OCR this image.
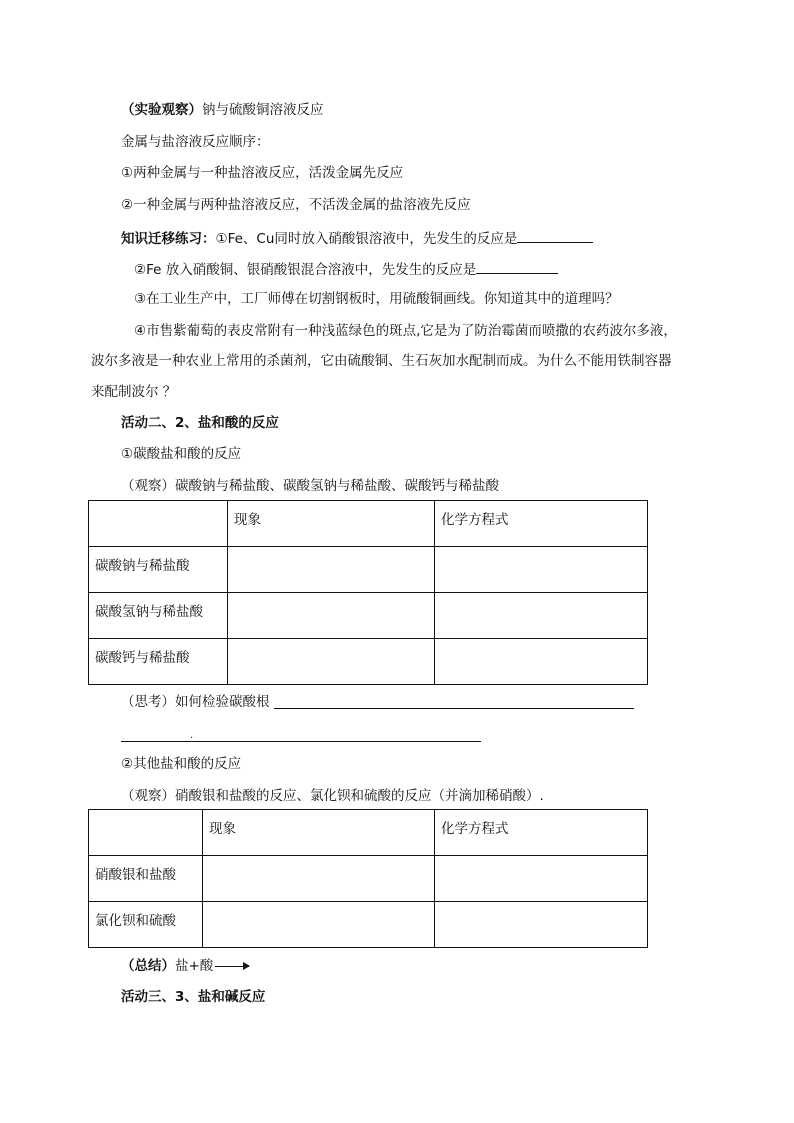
（实验观察）钠与硫酸铜溶液反应
金属与盐溶液反应顺序：
①两种金属与一种盐溶液反应，活泼金属先反应
②一种金属与两种盐溶液反应，不活泼金属的盐溶液先反应
知识迁移练习：①Fe、Cu同时放入硝酸银溶液中，先发生的反应是
②Fe 放入硝酸铜、银硝酸银混合溶液中，先发生的反应是
③在工业生产中，工厂师傅在切割钢板时，用硫酸铜画线。你知道其中的道理吗？
④市售紫葡萄的表皮常附有一种浅蓝绿色的斑点,它是为了防治霉菌而喷撒的农药波尔多液，
波尔多液是一种农业上常用的杀菌剂，它由硫酸铜、生石灰加水配制而成。为什么不能用铁制容器
来配制波尔 ？
活动二、2、盐和酸的反应
①碳酸盐和酸的反应
（观察）碳酸钠与稀盐酸、碳酸氢钠与稀盐酸、碳酸钙与稀盐酸

	现象	化学方程式

碳酸钠与稀盐酸		

碳酸氢钠与稀盐酸		

碳酸钙与稀盐酸		

（思考）如何检验碳酸根
.
②其他盐和酸的反应
（观察）硝酸银和盐酸的反应、氯化钡和硫酸的反应（并滴加稀硝酸）.

	现象	化学方程式

硝酸银和盐酸		

氯化钡和硫酸		

（总结）盐+酸
活动三、3、盐和碱反应
